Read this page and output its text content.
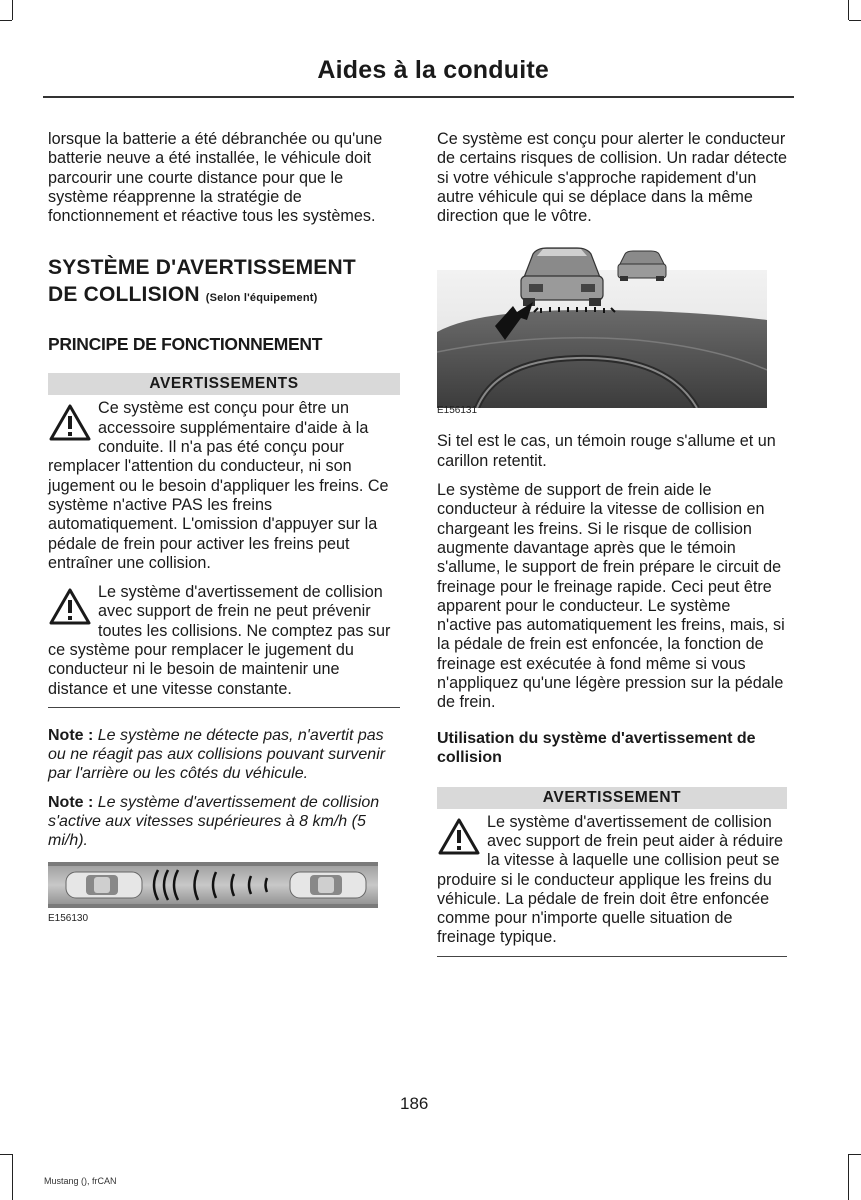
Aides à la conduite

lorsque la batterie a été débranchée ou qu'une batterie neuve a été installée, le véhicule doit parcourir une courte distance pour que le système réapprenne la stratégie de fonctionnement et réactive tous les systèmes.

SYSTÈME D'AVERTISSEMENT
DE COLLISION (Selon l'équipement)
PRINCIPE DE FONCTIONNEMENT
AVERTISSEMENTS

Ce système est conçu pour être un accessoire supplémentaire d'aide à la conduite. Il n'a pas été conçu pour remplacer l'attention du conducteur, ni son jugement ou le besoin d'appliquer les freins. Ce système n'active PAS les freins automatiquement. L'omission d'appuyer sur la pédale de frein pour activer les freins peut entraîner une collision.

Le système d'avertissement de collision avec support de frein ne peut prévenir toutes les collisions. Ne comptez pas sur ce système pour remplacer le jugement du conducteur ni le besoin de maintenir une distance et une vitesse constante.

Note : Le système ne détecte pas, n'avertit pas ou ne réagit pas aux collisions pouvant survenir par l'arrière ou les côtés du véhicule.
Note : Le système d'avertissement de collision s'active aux vitesses supérieures à 8 km/h (5 mi/h).
E156130

Ce système est conçu pour alerter le conducteur de certains risques de collision. Un radar détecte si votre véhicule s'approche rapidement d'un autre véhicule qui se déplace dans la même direction que le vôtre.

E156131

Si tel est le cas, un témoin rouge s'allume et un carillon retentit.

Le système de support de frein aide le conducteur à réduire la vitesse de collision en chargeant les freins. Si le risque de collision augmente davantage après que le témoin s'allume, le support de frein prépare le circuit de freinage pour le freinage rapide. Ceci peut être apparent pour le conducteur. Le système n'active pas automatiquement les freins, mais, si la pédale de frein est enfoncée, la fonction de freinage est exécutée à fond même si vous n'appliquez qu'une légère pression sur la pédale de frein.

Utilisation du système d'avertissement de collision
AVERTISSEMENT

Le système d'avertissement de collision avec support de frein peut aider à réduire la vitesse à laquelle une collision peut se produire si le conducteur applique les freins du véhicule. La pédale de frein doit être enfoncée comme pour n'importe quelle situation de freinage typique.

186
Mustang (), frCAN
